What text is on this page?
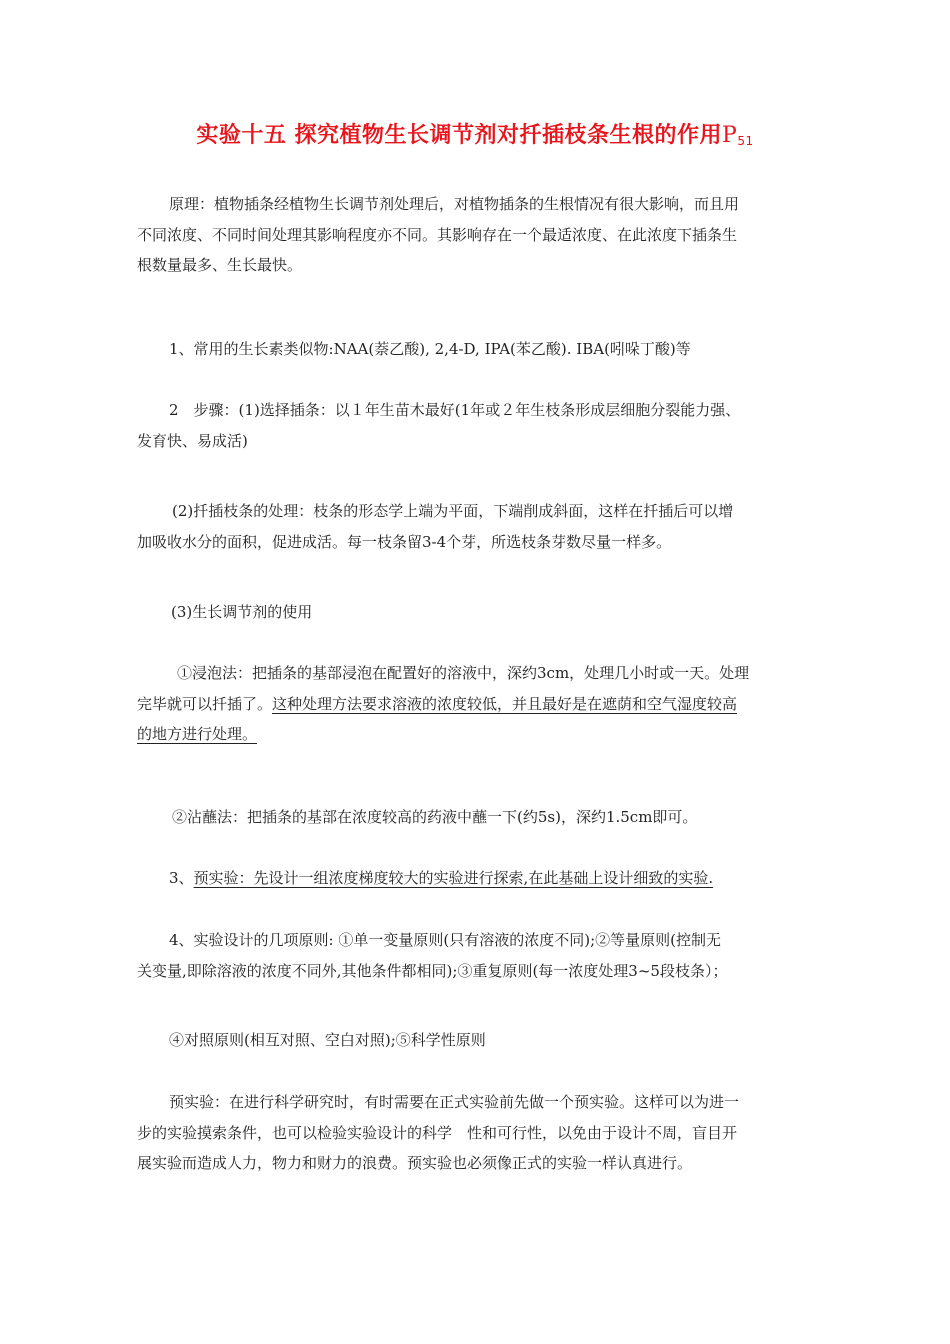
实验十五 探究植物生长调节剂对扦插枝条生根的作用$P_{51}$
原理：植物插条经植物生长调节剂处理后，对植物插条的生根情况有很大影响，而且用
不同浓度、不同时间处理其影响程度亦不同。其影响存在一个最适浓度、在此浓度下插条生
根数量最多、生长最快。
1、常用的生长素类似物:NAA(萘乙酸), 2,4-D, IPA(苯乙酸). IBA(吲哚丁酸)等
2　步骤：(1)选择插条：以１年生苗木最好(1年或２年生枝条形成层细胞分裂能力强、
发育快、易成活)
(2)扦插枝条的处理：枝条的形态学上端为平面，下端削成斜面，这样在扦插后可以增
加吸收水分的面积，促进成活。每一枝条留3-4个芽，所选枝条芽数尽量一样多。
(3)生长调节剂的使用
①浸泡法：把插条的基部浸泡在配置好的溶液中，深约3cm，处理几小时或一天。处理
完毕就可以扦插了。这种处理方法要求溶液的浓度较低，并且最好是在遮荫和空气湿度较高
的地方进行处理。
②沾蘸法：把插条的基部在浓度较高的药液中蘸一下(约5s)，深约1.5cm即可。
3、预实验：先设计一组浓度梯度较大的实验进行探索,在此基础上设计细致的实验.
4、实验设计的几项原则: ①单一变量原则(只有溶液的浓度不同);②等量原则(控制无
关变量,即除溶液的浓度不同外,其他条件都相同);③重复原则(每一浓度处理3~5段枝条）；
④对照原则(相互对照、空白对照);⑤科学性原则
预实验：在进行科学研究时，有时需要在正式实验前先做一个预实验。这样可以为进一
步的实验摸索条件，也可以检验实验设计的科学　性和可行性，以免由于设计不周，盲目开
展实验而造成人力，物力和财力的浪费。预实验也必须像正式的实验一样认真进行。
